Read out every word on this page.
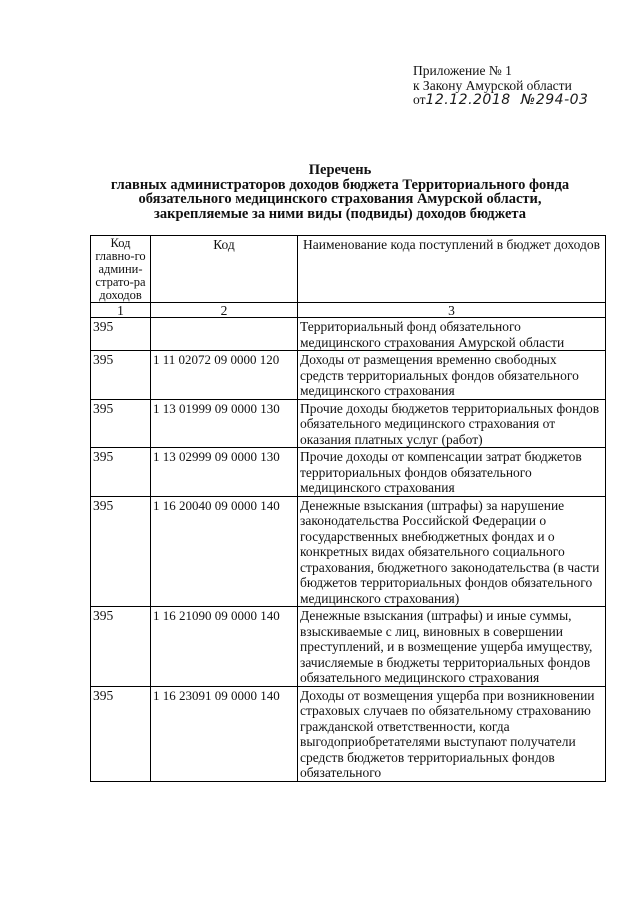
Приложение № 1
к Закону Амурской области
от12.12.2018 №294-03
Перечень
главных администраторов доходов бюджета Территориального фонда
обязательного медицинского страхования Амурской области,
закрепляемые за ними виды (подвиды) доходов бюджета
Код главно-го админи-страто-ра доходов	Код	Наименование кода поступлений в бюджет доходов
1	2	3
395		Территориальный фонд обязательного медицинского страхования Амурской области
395	1 11 02072 09 0000 120	Доходы от размещения временно свободных средств территориальных фондов обязательного медицинского страхования
395	1 13 01999 09 0000 130	Прочие доходы бюджетов территориальных фондов обязательного медицинского страхования от оказания платных услуг (работ)
395	1 13 02999 09 0000 130	Прочие доходы от компенсации затрат бюджетов территориальных фондов обязательного медицинского страхования
395	1 16 20040 09 0000 140	Денежные взыскания (штрафы) за нарушение законодательства Российской Федерации о государственных внебюджетных фондах и о конкретных видах обязательного социального страхования, бюджетного законодательства (в части бюджетов территориальных фондов обязательного медицинского страхования)
395	1 16 21090 09 0000 140	Денежные взыскания (штрафы) и иные суммы, взыскиваемые с лиц, виновных в совершении преступлений, и в возмещение ущерба имуществу, зачисляемые в бюджеты территориальных фондов обязательного медицинского страхования
395	1 16 23091 09 0000 140	Доходы от возмещения ущерба при возникновении страховых случаев по обязательному страхованию гражданской ответственности, когда выгодоприобретателями выступают получатели средств бюджетов территориальных фондов обязательного
